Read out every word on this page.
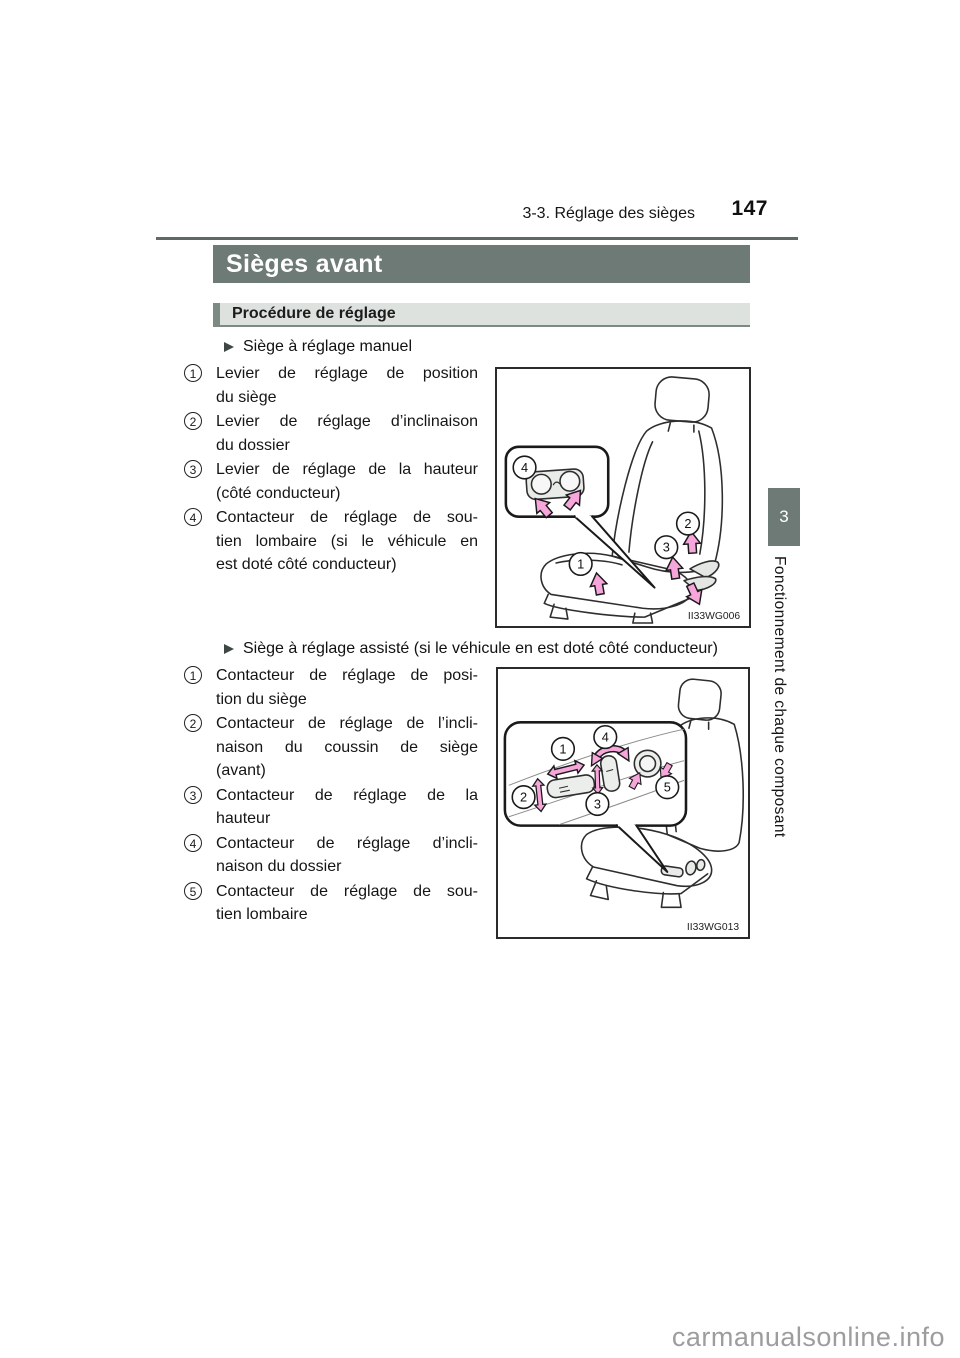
3-3. Réglage des sièges 147
Sièges avant
Procédure de réglage
Siège à réglage manuel
1	Levier de réglage de position
du siège
2	Levier de réglage d’inclinaison
du dossier
3	Levier de réglage de la hauteur
(côté conducteur)
4	Contacteur de réglage de sou-
tien lombaire (si le véhicule en
est doté côté conducteur)
4
1
3
2
II33WG006
Siège à réglage assisté (si le véhicule en est doté côté conducteur)
1	Contacteur de réglage de posi-
tion du siège
2	Contacteur de réglage de l’incli-
naison du coussin de siège
(avant)
3	Contacteur de réglage de la
hauteur
4	Contacteur de réglage d’incli-
naison du dossier
5	Contacteur de réglage de sou-
tien lombaire
1
4
2	3
5
II33WG013
3
Fonctionnement de chaque composant
carmanualsonline.info
